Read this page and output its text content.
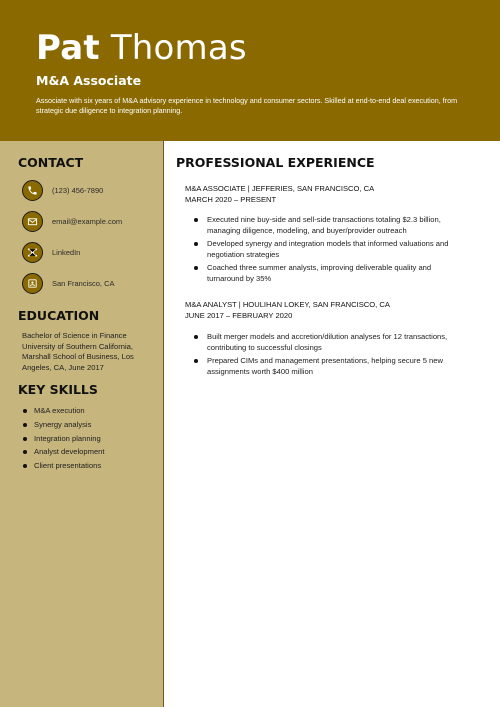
Pat Thomas
M&A Associate
Associate with six years of M&A advisory experience in technology and consumer sectors. Skilled at end-to-end deal execution, from strategic due diligence to integration planning.
CONTACT
(123) 456-7890
email@example.com
LinkedIn
San Francisco, CA
EDUCATION
Bachelor of Science in Finance University of Southern California, Marshall School of Business, Los Angeles, CA, June 2017
KEY SKILLS
M&A execution
Synergy analysis
Integration planning
Analyst development
Client presentations
PROFESSIONAL EXPERIENCE
M&A ASSOCIATE | JEFFERIES, SAN FRANCISCO, CA
MARCH 2020 – PRESENT
Executed nine buy-side and sell-side transactions totaling $2.3 billion, managing diligence, modeling, and buyer/provider outreach
Developed synergy and integration models that informed valuations and negotiation strategies
Coached three summer analysts, improving deliverable quality and turnaround by 35%
M&A ANALYST | HOULIHAN LOKEY, SAN FRANCISCO, CA
JUNE 2017 – FEBRUARY 2020
Built merger models and accretion/dilution analyses for 12 transactions, contributing to successful closings
Prepared CIMs and management presentations, helping secure 5 new assignments worth $400 million
